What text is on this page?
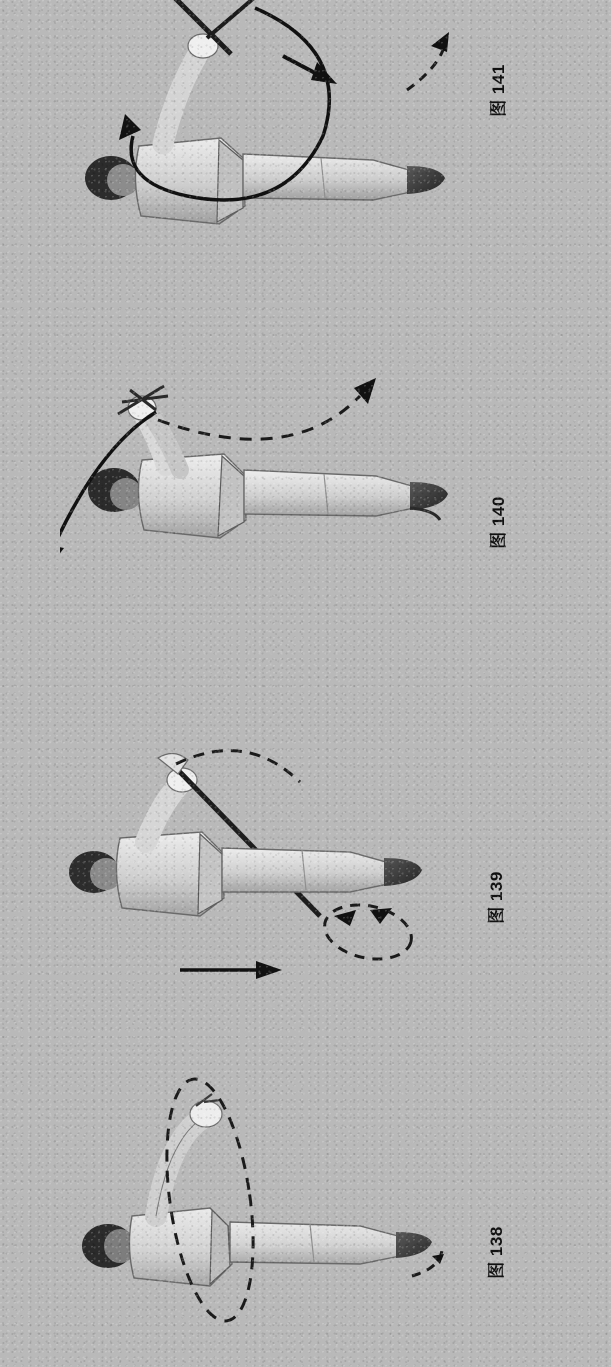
图 138
图 139
图 140
图 141
